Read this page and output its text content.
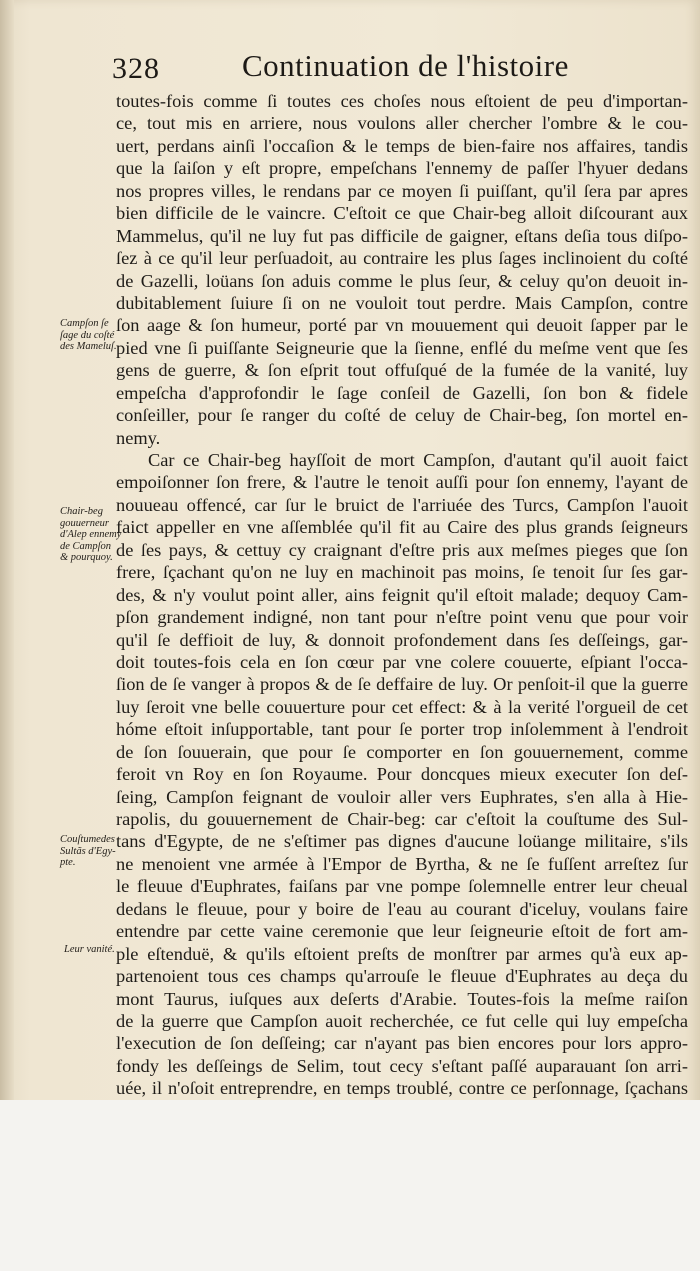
328	Continuation de l'histoire
toutes-fois comme ſi toutes ces choſes nous eſtoient de peu d'importan-
ce, tout mis en arriere, nous voulons aller chercher l'ombre & le cou-
uert, perdans ainſi l'occaſion & le temps de bien-faire nos affaires, tandis
que la ſaiſon y eſt propre, empeſchans l'ennemy de paſſer l'hyuer dedans
nos propres villes, le rendans par ce moyen ſi puiſſant, qu'il ſera par apres
bien difficile de le vaincre. C'eſtoit ce que Chair-beg alloit diſcourant aux
Mammelus, qu'il ne luy fut pas difficile de gaigner, eſtans deſia tous diſpo-
ſez à ce qu'il leur perſuadoit, au contraire les plus ſages inclinoient du coſté
de Gazelli, loüans ſon aduis comme le plus ſeur, & celuy qu'on deuoit in-
dubitablement ſuiure ſi on ne vouloit tout perdre. Mais Campſon, contre
ſon aage & ſon humeur, porté par vn mouuement qui deuoit ſapper par le
pied vne ſi puiſſante Seigneurie que la ſienne, enflé du meſme vent que ſes
gens de guerre, & ſon eſprit tout offuſqué de la fumée de la vanité, luy
empeſcha d'approfondir le ſage conſeil de Gazelli, ſon bon & fidele
conſeiller, pour ſe ranger du coſté de celuy de Chair-beg, ſon mortel en-
nemy.
Car ce Chair-beg hayſſoit de mort Campſon, d'autant qu'il auoit faict
empoiſonner ſon frere, & l'autre le tenoit auſſi pour ſon ennemy, l'ayant de
nouueau offencé, car ſur le bruict de l'arriuée des Turcs, Campſon l'auoit
faict appeller en vne aſſemblée qu'il fit au Caire des plus grands ſeigneurs
de ſes pays, & cettuy cy craignant d'eſtre pris aux meſmes pieges que ſon
frere, ſçachant qu'on ne luy en machinoit pas moins, ſe tenoit ſur ſes gar-
des, & n'y voulut point aller, ains feignit qu'il eſtoit malade; dequoy Cam-
pſon grandement indigné, non tant pour n'eſtre point venu que pour voir
qu'il ſe deffioit de luy, & donnoit profondement dans ſes deſſeings, gar-
doit toutes-fois cela en ſon cœur par vne colere couuerte, eſpiant l'occa-
ſion de ſe vanger à propos & de ſe deffaire de luy. Or penſoit-il que la guerre
luy ſeroit vne belle couuerture pour cet effect: & à la verité l'orgueil de cet
hóme eſtoit inſupportable, tant pour ſe porter trop inſolemment à l'endroit
de ſon ſouuerain, que pour ſe comporter en ſon gouuernement, comme
feroit vn Roy en ſon Royaume. Pour doncques mieux executer ſon deſ-
ſeing, Campſon feignant de vouloir aller vers Euphrates, s'en alla à Hie-
rapolis, du gouuernement de Chair-beg: car c'eſtoit la couſtume des Sul-
tans d'Egypte, de ne s'eſtimer pas dignes d'aucune loüange militaire, s'ils
ne menoient vne armée à l'Empor de Byrtha, & ne ſe fuſſent arreſtez ſur
le fleuue d'Euphrates, faiſans par vne pompe ſolemnelle entrer leur cheual
dedans le fleuue, pour y boire de l'eau au courant d'iceluy, voulans faire
entendre par cette vaine ceremonie que leur ſeigneurie eſtoit de fort am-
ple eſtenduë, & qu'ils eſtoient preſts de monſtrer par armes qu'à eux ap-
partenoient tous ces champs qu'arrouſe le fleuue d'Euphrates au deça du
mont Taurus, iuſques aux deſerts d'Arabie. Toutes-fois la meſme raiſon
de la guerre que Campſon auoit recherchée, ce fut celle qui luy empeſcha
l'execution de ſon deſſeing; car n'ayant pas bien encores pour lors appro-
fondy les deſſeings de Selim, tout cecy s'eſtant paſſé auparauant ſon arri-
uée, il n'oſoit entreprendre, en temps troublé, contre ce perſonnage, ſçachans
Campſon ſe
ſage du coſté
des Mameluſ.
Chair-beg
gouuerneur
d'Alep ennemy
de Campſon
& pourquoy.
Couſtumedes
Sultãs d'Egy-
pte.
Leur vanité.
